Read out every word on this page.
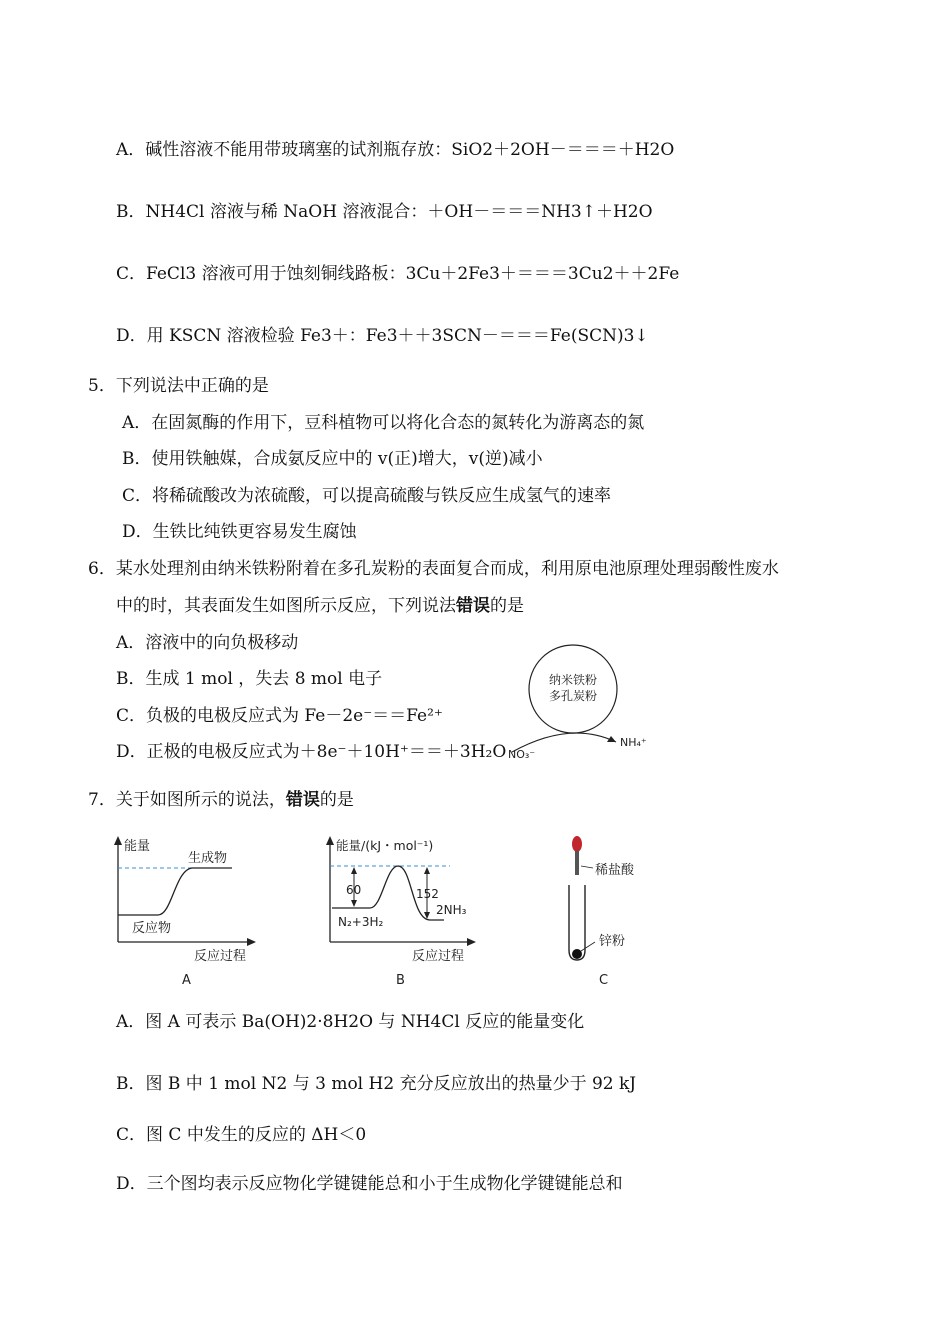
A．碱性溶液不能用带玻璃塞的试剂瓶存放：SiO2＋2OH－＝＝＝＋H2O
B．NH4Cl 溶液与稀 NaOH 溶液混合：＋OH－＝＝＝NH3↑＋H2O
C．FeCl3 溶液可用于蚀刻铜线路板：3Cu＋2Fe3＋＝＝＝3Cu2＋＋2Fe
D．用 KSCN 溶液检验 Fe3＋：Fe3＋＋3SCN－＝＝＝Fe(SCN)3↓
5．下列说法中正确的是
A．在固氮酶的作用下，豆科植物可以将化合态的氮转化为游离态的氮
B．使用铁触媒，合成氨反应中的 v(正)增大，v(逆)减小
C．将稀硫酸改为浓硫酸，可以提高硫酸与铁反应生成氢气的速率
D．生铁比纯铁更容易发生腐蚀
6．某水处理剂由纳米铁粉附着在多孔炭粉的表面复合而成，利用原电池原理处理弱酸性废水
中的时，其表面发生如图所示反应，下列说法错误的是
A．溶液中的向负极移动
B．生成 1 mol ，失去 8 mol 电子
C．负极的电极反应式为 Fe－2e⁻＝＝Fe²⁺
D．正极的电极反应式为＋8e⁻＋10H⁺＝＝＋3H₂O
纳米铁粉
多孔炭粉
NH₄⁺
NO₃⁻
7．关于如图所示的说法，错误的是
能量
生成物
反应物
反应过程
A
能量/(kJ・mol⁻¹)
60	152
2NH₃
N₂+3H₂
反应过程
B
稀盐酸
锌粉
C
A．图 A 可表示 Ba(OH)2·8H2O 与 NH4Cl 反应的能量变化
B．图 B 中 1 mol N2 与 3 mol H2 充分反应放出的热量少于 92 kJ
C．图 C 中发生的反应的 ΔH＜0
D．三个图均表示反应物化学键键能总和小于生成物化学键键能总和
